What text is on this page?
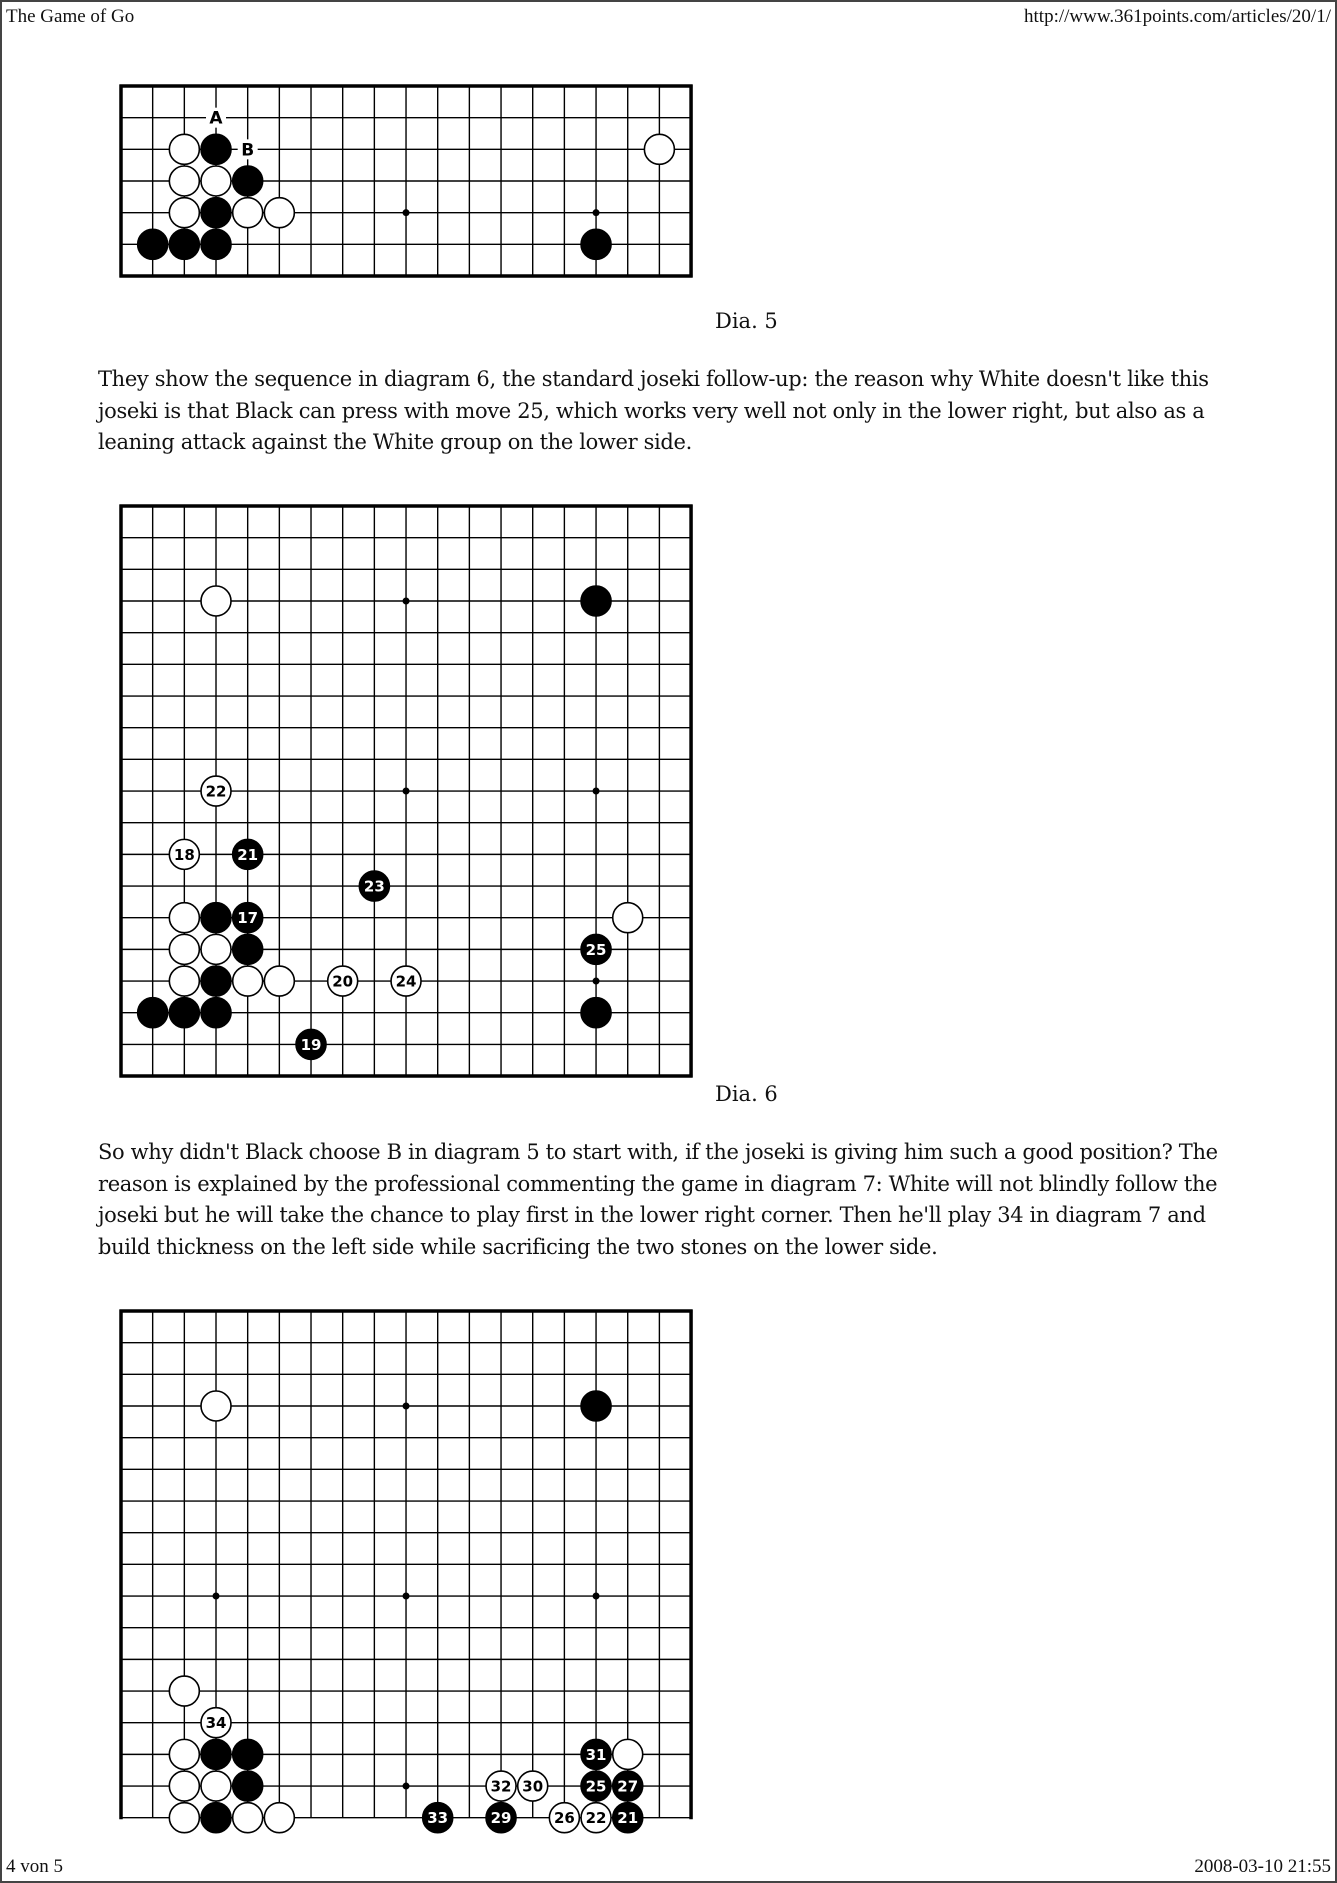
The Game of Go	http://www.361points.com/articles/20/1/
A
B
Dia. 5

They show the sequence in diagram 6, the standard joseki follow-up: the reason why White doesn't like this joseki is that Black can press with move 25, which works very well not only in the lower right, but also as a leaning attack against the White group on the lower side.

22
18	21
23
17
25
20	24
19
Dia. 6

So why didn't Black choose B in diagram 5 to start with, if the joseki is giving him such a good position? The reason is explained by the professional commenting the game in diagram 7: White will not blindly follow the joseki but he will take the chance to play first in the lower right corner. Then he'll play 34 in diagram 7 and build thickness on the left side while sacrificing the two stones on the lower side.

34
31
32 30	25 27
33	29	26 22 21
4 von 5	2008-03-10 21:55
